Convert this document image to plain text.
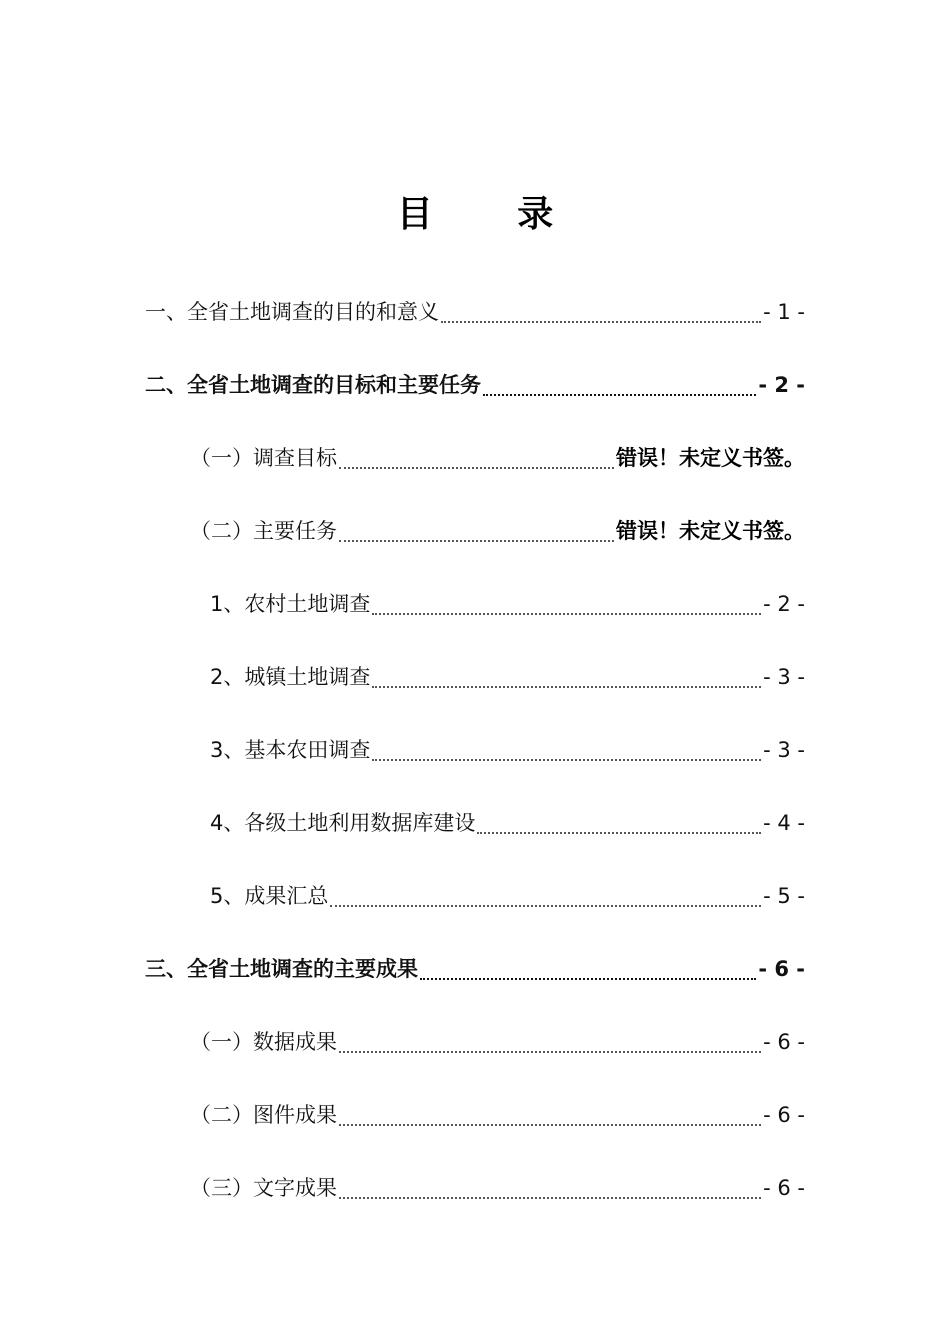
目 录
一、全省土地调查的目的和意义	- 1 -
二、全省土地调查的目标和主要任务	- 2 -
（一）调查目标	错误！未定义书签。
（二）主要任务	错误！未定义书签。
1、农村土地调查	- 2 -
2、城镇土地调查	- 3 -
3、基本农田调查	- 3 -
4、各级土地利用数据库建设	- 4 -
5、成果汇总	- 5 -
三、全省土地调查的主要成果	- 6 -
（一）数据成果	- 6 -
（二）图件成果	- 6 -
（三）文字成果	- 6 -
